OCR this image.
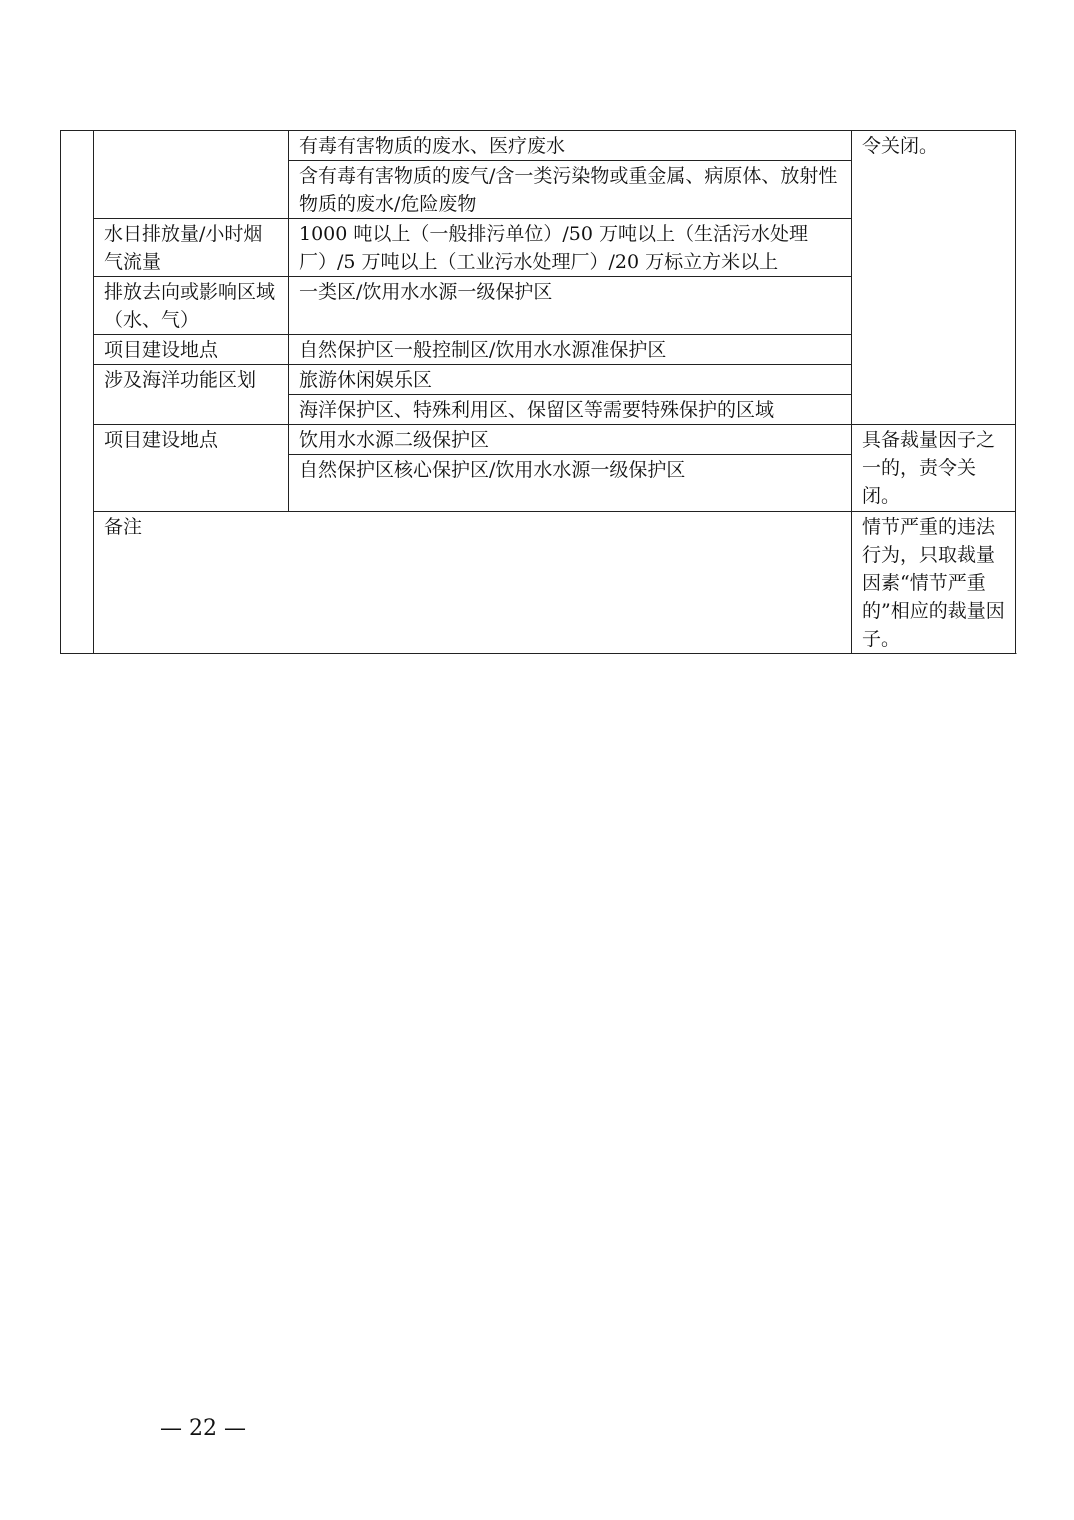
		有毒有害物质的废水、医疗废水	令关闭。
		含有毒有害物质的废气/含一类污染物或重金属、病原体、放射性物质的废水/危险废物	
	水日排放量/小时烟气流量	1000 吨以上（一般排污单位）/50 万吨以上（生活污水处理厂）/5 万吨以上（工业污水处理厂）/20 万标立方米以上	
	排放去向或影响区域（水、气）	一类区/饮用水水源一级保护区	
	项目建设地点	自然保护区一般控制区/饮用水水源准保护区	
	涉及海洋功能区划	旅游休闲娱乐区	
		海洋保护区、特殊利用区、保留区等需要特殊保护的区域	
	项目建设地点	饮用水水源二级保护区	具备裁量因子之一的，责令关闭。
		自然保护区核心保护区/饮用水水源一级保护区	
	备注		情节严重的违法行为，只取裁量因素“情节严重的”相应的裁量因子。
— 22 —
